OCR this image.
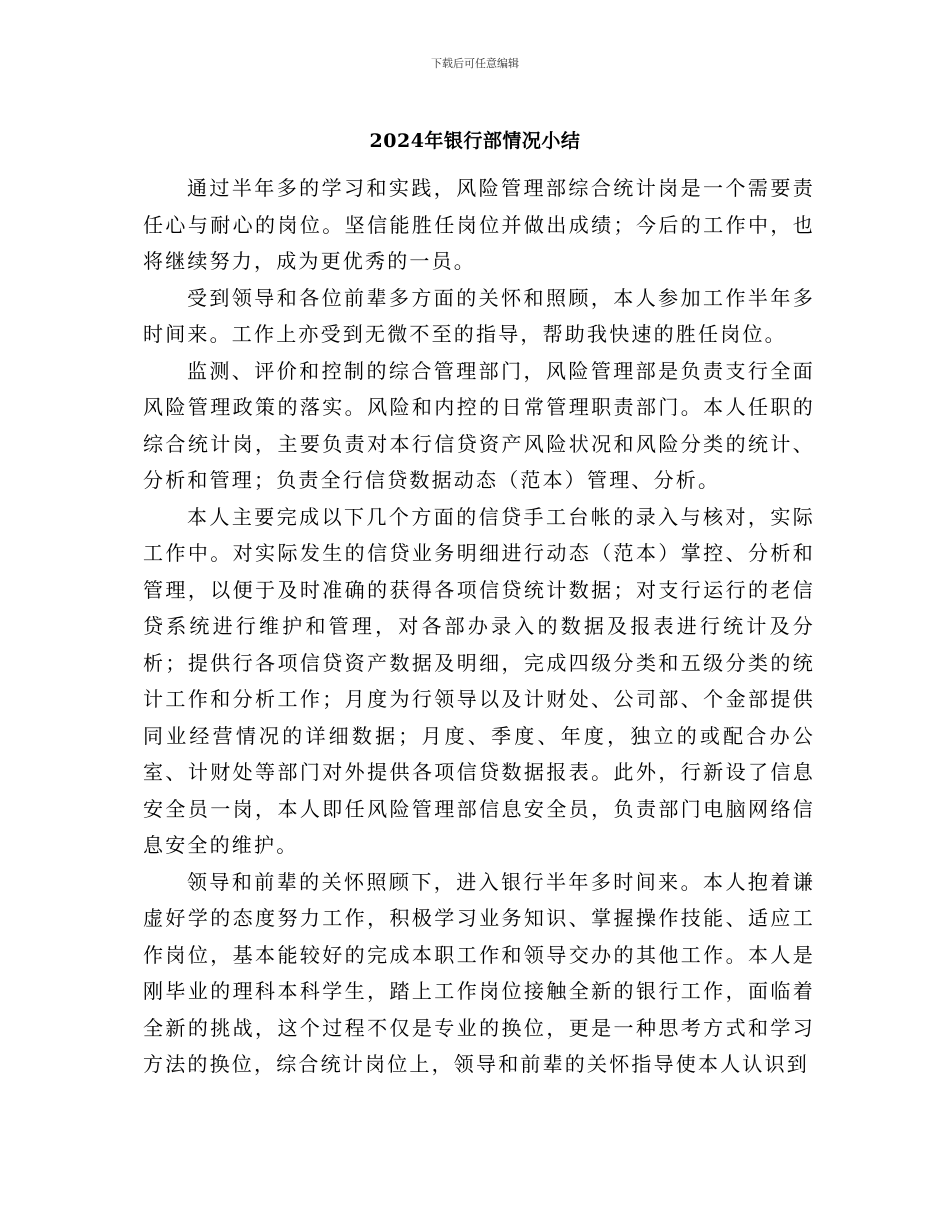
下载后可任意编辑
2024年银行部情况小结

通过半年多的学习和实践，风险管理部综合统计岗是一个需要责任心与耐心的岗位。坚信能胜任岗位并做出成绩；今后的工作中，也将继续努力，成为更优秀的一员。

受到领导和各位前辈多方面的关怀和照顾，本人参加工作半年多时间来。工作上亦受到无微不至的指导，帮助我快速的胜任岗位。

监测、评价和控制的综合管理部门，风险管理部是负责支行全面风险管理政策的落实。风险和内控的日常管理职责部门。本人任职的综合统计岗，主要负责对本行信贷资产风险状况和风险分类的统计、分析和管理；负责全行信贷数据动态（范本）管理、分析。

本人主要完成以下几个方面的信贷手工台帐的录入与核对，实际工作中。对实际发生的信贷业务明细进行动态（范本）掌控、分析和管理，以便于及时准确的获得各项信贷统计数据；对支行运行的老信贷系统进行维护和管理，对各部办录入的数据及报表进行统计及分析；提供行各项信贷资产数据及明细，完成四级分类和五级分类的统计工作和分析工作；月度为行领导以及计财处、公司部、个金部提供同业经营情况的详细数据；月度、季度、年度，独立的或配合办公室、计财处等部门对外提供各项信贷数据报表。此外，行新设了信息安全员一岗，本人即任风险管理部信息安全员，负责部门电脑网络信息安全的维护。

领导和前辈的关怀照顾下，进入银行半年多时间来。本人抱着谦虚好学的态度努力工作，积极学习业务知识、掌握操作技能、适应工作岗位，基本能较好的完成本职工作和领导交办的其他工作。本人是刚毕业的理科本科学生，踏上工作岗位接触全新的银行工作，面临着全新的挑战，这个过程不仅是专业的换位，更是一种思考方式和学习方法的换位，综合统计岗位上，领导和前辈的关怀指导使本人认识到
